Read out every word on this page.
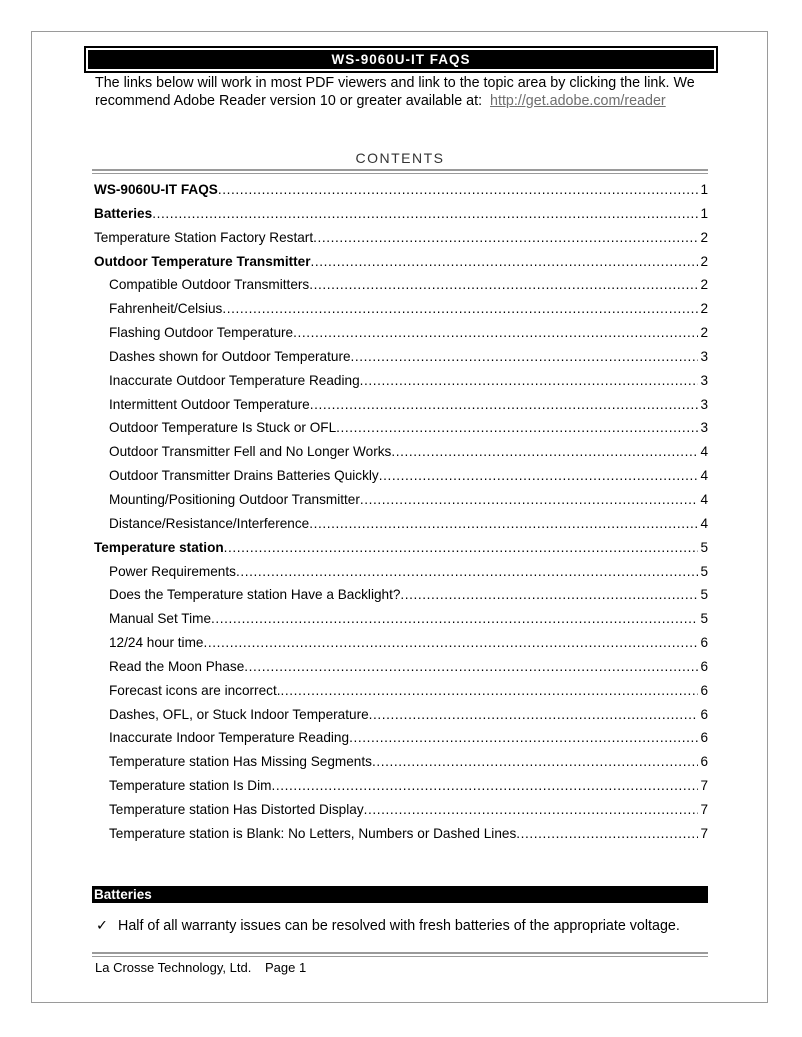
WS-9060U-IT FAQS
The links below will work in most PDF viewers and link to the topic area by clicking the link. We recommend Adobe Reader version 10 or greater available at: http://get.adobe.com/reader
CONTENTS
WS-9060U-IT FAQS .....	1
Batteries .....	1
Temperature Station Factory Restart .....	2
Outdoor Temperature Transmitter .....	2
Compatible Outdoor Transmitters .....	2
Fahrenheit/Celsius .....	2
Flashing Outdoor Temperature .....	2
Dashes shown for Outdoor Temperature .....	3
Inaccurate Outdoor Temperature Reading .....	3
Intermittent Outdoor Temperature .....	3
Outdoor Temperature Is Stuck or OFL .....	3
Outdoor Transmitter Fell and No Longer Works .....	4
Outdoor Transmitter Drains Batteries Quickly .....	4
Mounting/Positioning Outdoor Transmitter .....	4
Distance/Resistance/Interference .....	4
Temperature station .....	5
Power Requirements .....	5
Does the Temperature station Have a Backlight? .....	5
Manual Set Time .....	5
12/24 hour time .....	6
Read the Moon Phase .....	6
Forecast icons are incorrect. .....	6
Dashes, OFL, or Stuck Indoor Temperature .....	6
Inaccurate Indoor Temperature Reading .....	6
Temperature station Has Missing Segments .....	6
Temperature station Is Dim .....	7
Temperature station Has Distorted Display .....	7
Temperature station is Blank: No Letters, Numbers or Dashed Lines .....	7
Batteries
✓ Half of all warranty issues can be resolved with fresh batteries of the appropriate voltage.
La Crosse Technology, Ltd. Page 1
